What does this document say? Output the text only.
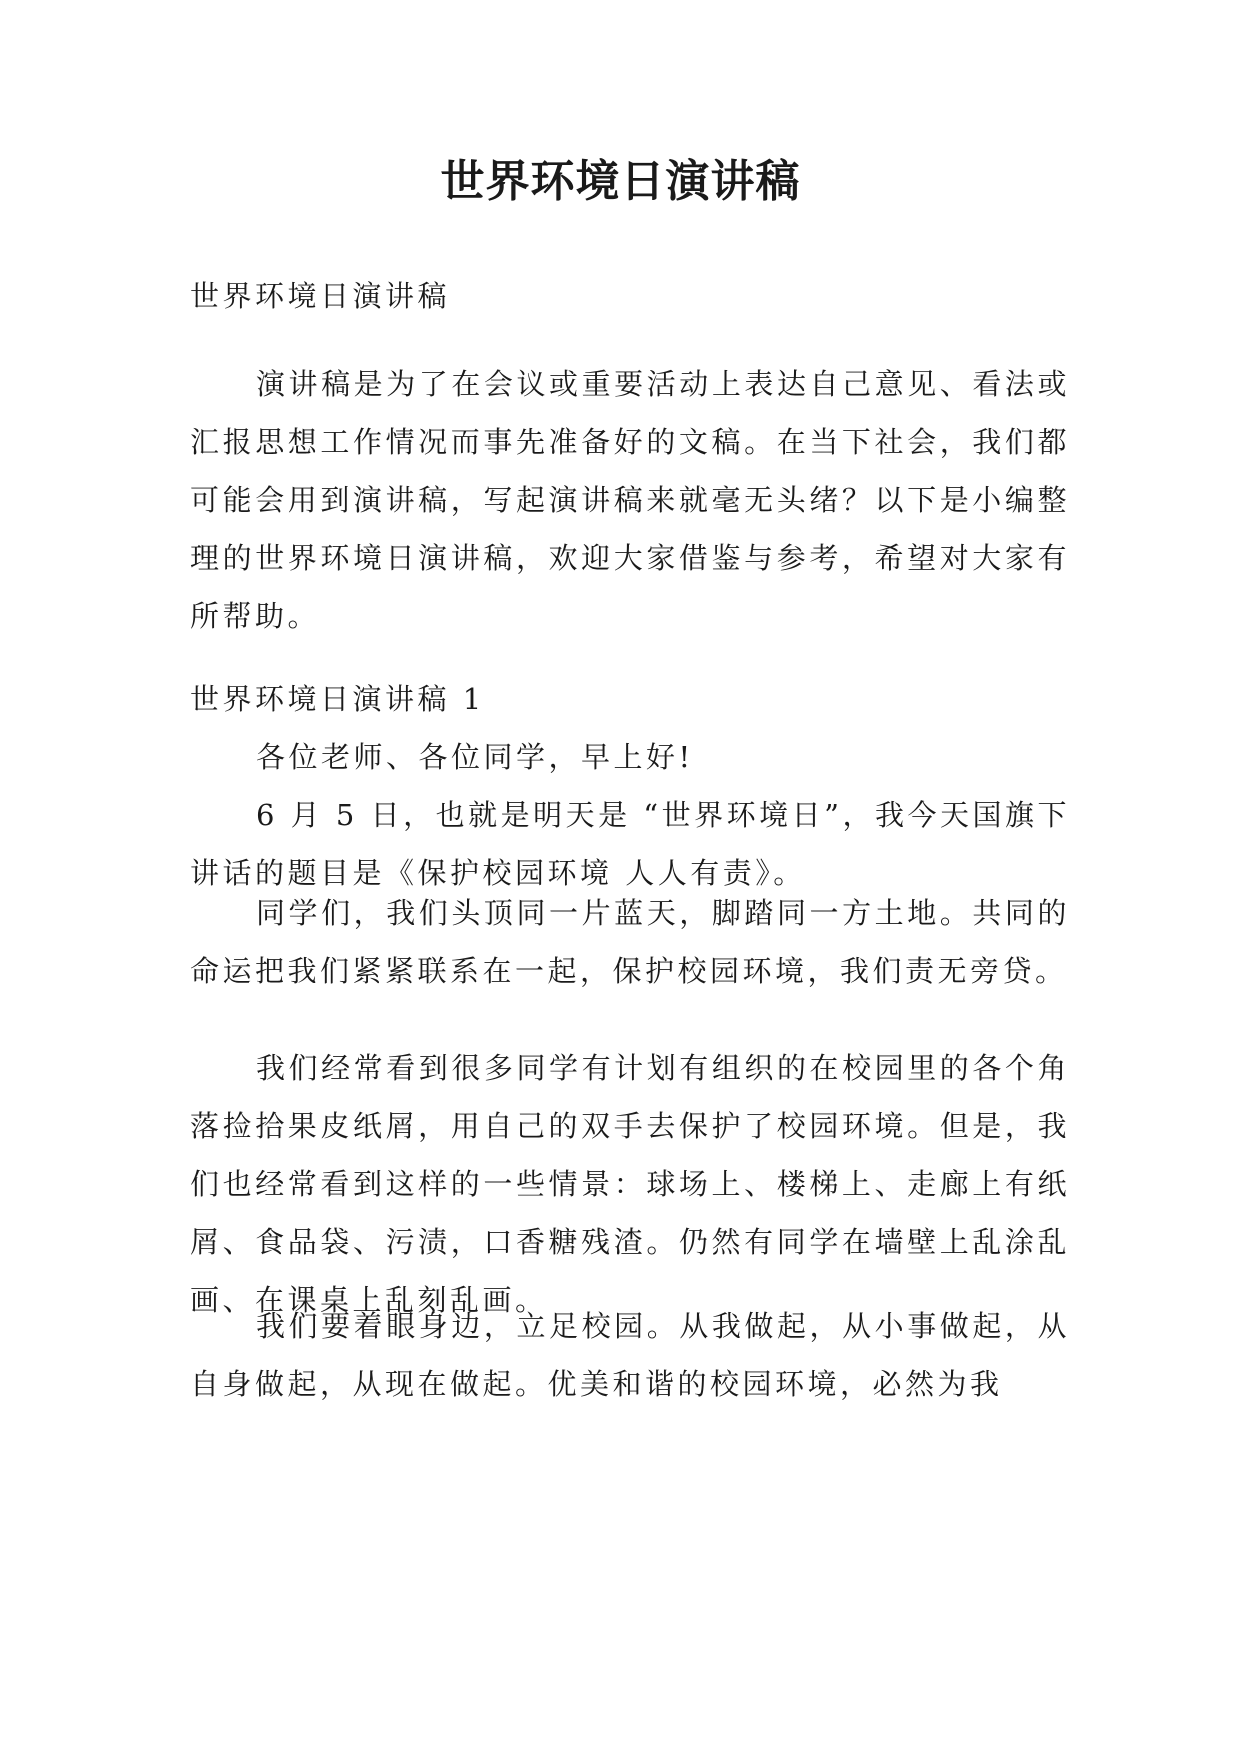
世界环境日演讲稿

世界环境日演讲稿

演讲稿是为了在会议或重要活动上表达自己意见、看法或汇报思想工作情况而事先准备好的文稿。在当下社会，我们都可能会用到演讲稿，写起演讲稿来就毫无头绪？以下是小编整理的世界环境日演讲稿，欢迎大家借鉴与参考，希望对大家有所帮助。

世界环境日演讲稿 1

各位老师、各位同学，早上好!

6 月 5 日，也就是明天是 “世界环境日”，我今天国旗下讲话的题目是《保护校园环境 人人有责》。

同学们，我们头顶同一片蓝天，脚踏同一方土地。共同的命运把我们紧紧联系在一起，保护校园环境，我们责无旁贷。

我们经常看到很多同学有计划有组织的在校园里的各个角落捡拾果皮纸屑，用自己的双手去保护了校园环境。但是，我们也经常看到这样的一些情景：球场上、楼梯上、走廊上有纸屑、食品袋、污渍，口香糖残渣。仍然有同学在墙壁上乱涂乱画、在课桌上乱刻乱画。

我们要着眼身边，立足校园。从我做起，从小事做起，从自身做起，从现在做起。优美和谐的校园环境，必然为我
